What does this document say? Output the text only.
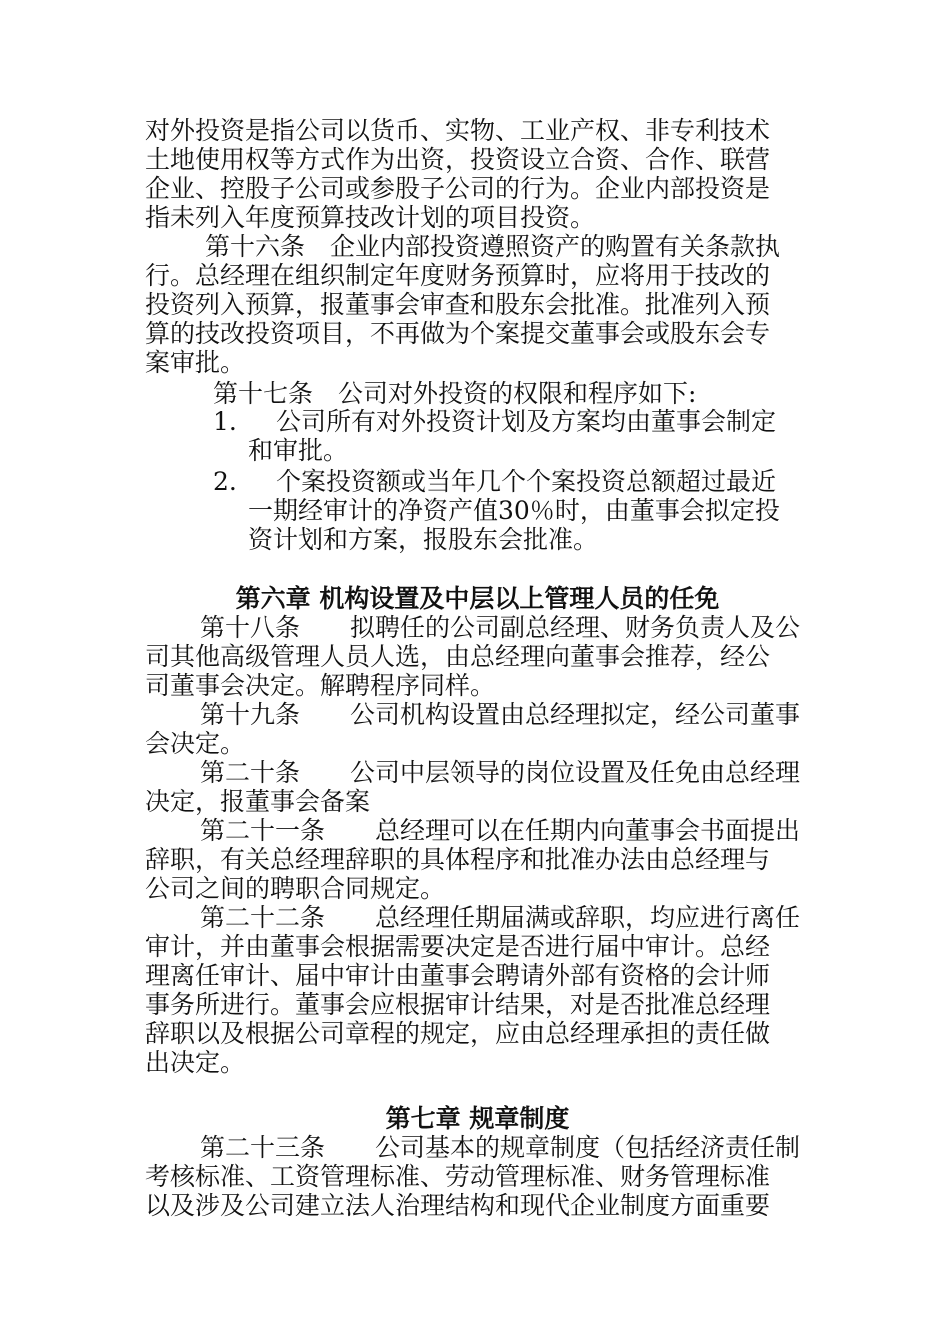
对外投资是指公司以货币、实物、工业产权、非专利技术
土地使用权等方式作为出资，投资设立合资、合作、联营
企业、控股子公司或参股子公司的行为。企业内部投资是
指未列入年度预算技改计划的项目投资。
第十六条　企业内部投资遵照资产的购置有关条款执
行。总经理在组织制定年度财务预算时，应将用于技改的
投资列入预算，报董事会审查和股东会批准。批准列入预
算的技改投资项目，不再做为个案提交董事会或股东会专
案审批。
第十七条　公司对外投资的权限和程序如下:
1. 公司所有对外投资计划及方案均由董事会制定
和审批。
2. 个案投资额或当年几个个案投资总额超过最近
一期经审计的净资产值30％时，由董事会拟定投
资计划和方案，报股东会批准。
第六章 机构设置及中层以上管理人员的任免
第十八条　　拟聘任的公司副总经理、财务负责人及公
司其他高级管理人员人选，由总经理向董事会推荐，经公
司董事会决定。解聘程序同样。
第十九条　　公司机构设置由总经理拟定，经公司董事
会决定。
第二十条　　公司中层领导的岗位设置及任免由总经理
决定，报董事会备案
第二十一条　　总经理可以在任期内向董事会书面提出
辞职，有关总经理辞职的具体程序和批准办法由总经理与
公司之间的聘职合同规定。
第二十二条　　总经理任期届满或辞职，均应进行离任
审计，并由董事会根据需要决定是否进行届中审计。总经
理离任审计、届中审计由董事会聘请外部有资格的会计师
事务所进行。董事会应根据审计结果，对是否批准总经理
辞职以及根据公司章程的规定，应由总经理承担的责任做
出决定。
第七章 规章制度
第二十三条　　公司基本的规章制度（包括经济责任制
考核标准、工资管理标准、劳动管理标准、财务管理标准
以及涉及公司建立法人治理结构和现代企业制度方面重要
